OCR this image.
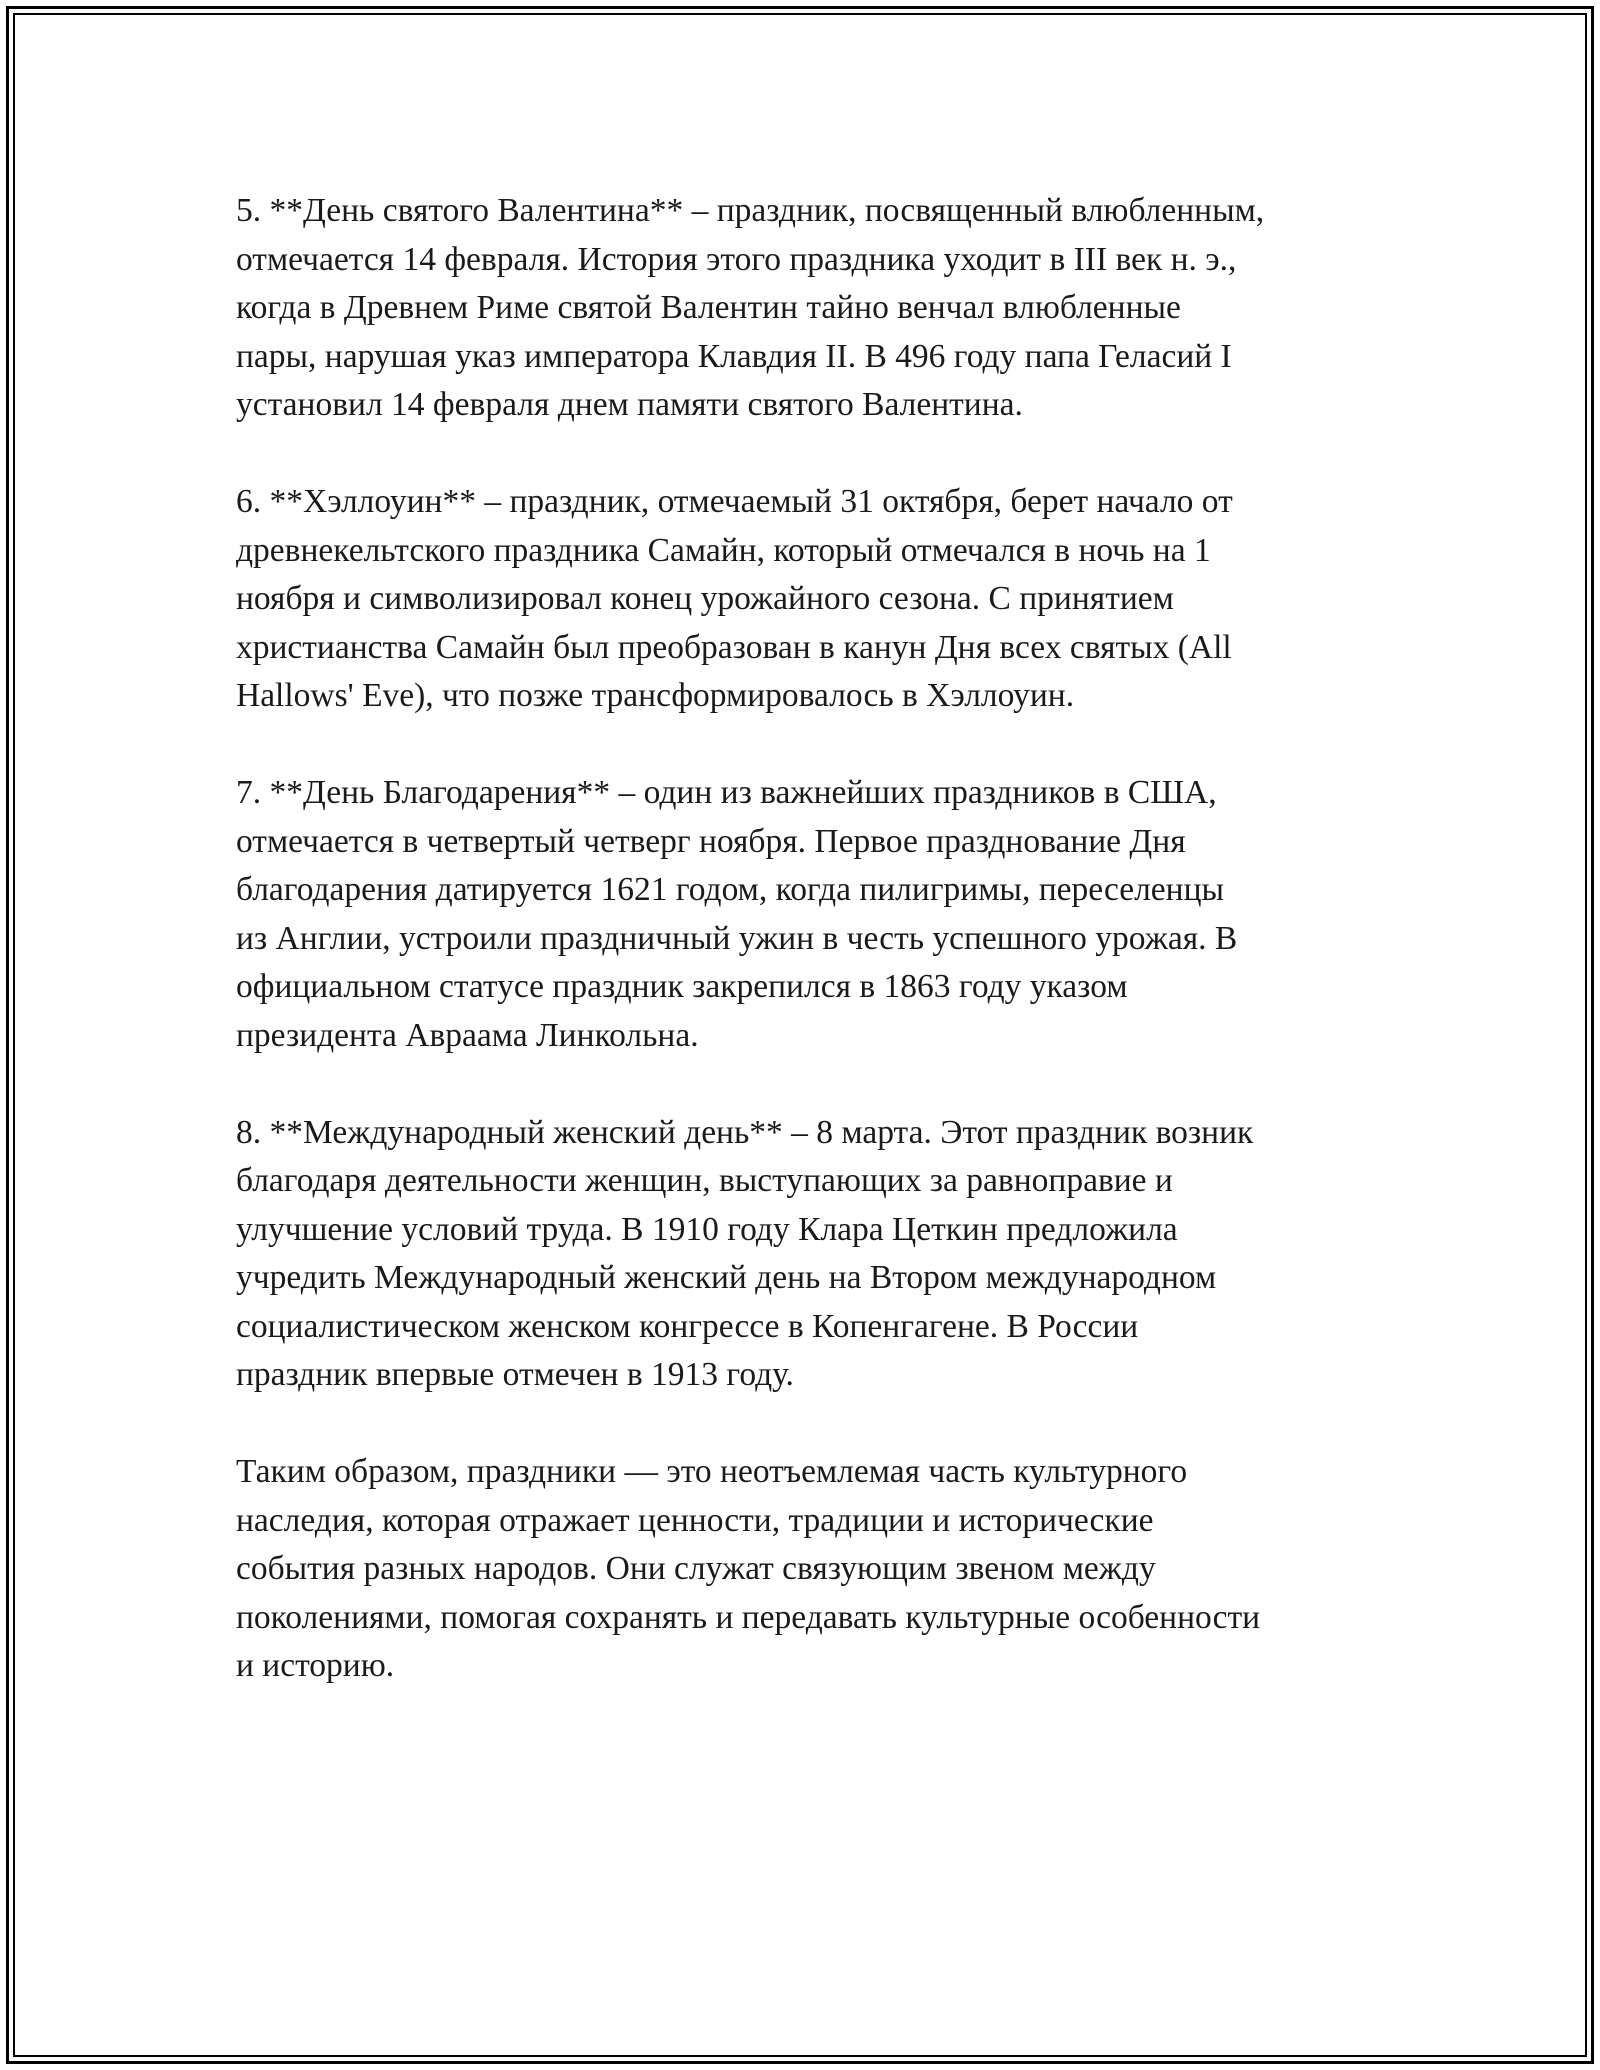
5. **День святого Валентина** – праздник, посвященный влюбленным,
отмечается 14 февраля. История этого праздника уходит в III век н. э.,
когда в Древнем Риме святой Валентин тайно венчал влюбленные
пары, нарушая указ императора Клавдия II. В 496 году папа Геласий I
установил 14 февраля днем памяти святого Валентина.

6. **Хэллоуин** – праздник, отмечаемый 31 октября, берет начало от
древнекельтского праздника Самайн, который отмечался в ночь на 1
ноября и символизировал конец урожайного сезона. С принятием
христианства Самайн был преобразован в канун Дня всех святых (All
Hallows' Eve), что позже трансформировалось в Хэллоуин.

7. **День Благодарения** – один из важнейших праздников в США,
отмечается в четвертый четверг ноября. Первое празднование Дня
благодарения датируется 1621 годом, когда пилигримы, переселенцы
из Англии, устроили праздничный ужин в честь успешного урожая. В
официальном статусе праздник закрепился в 1863 году указом
президента Авраама Линкольна.

8. **Международный женский день** – 8 марта. Этот праздник возник
благодаря деятельности женщин, выступающих за равноправие и
улучшение условий труда. В 1910 году Клара Цеткин предложила
учредить Международный женский день на Втором международном
социалистическом женском конгрессе в Копенгагене. В России
праздник впервые отмечен в 1913 году.

Таким образом, праздники — это неотъемлемая часть культурного
наследия, которая отражает ценности, традиции и исторические
события разных народов. Они служат связующим звеном между
поколениями, помогая сохранять и передавать культурные особенности
и историю.
